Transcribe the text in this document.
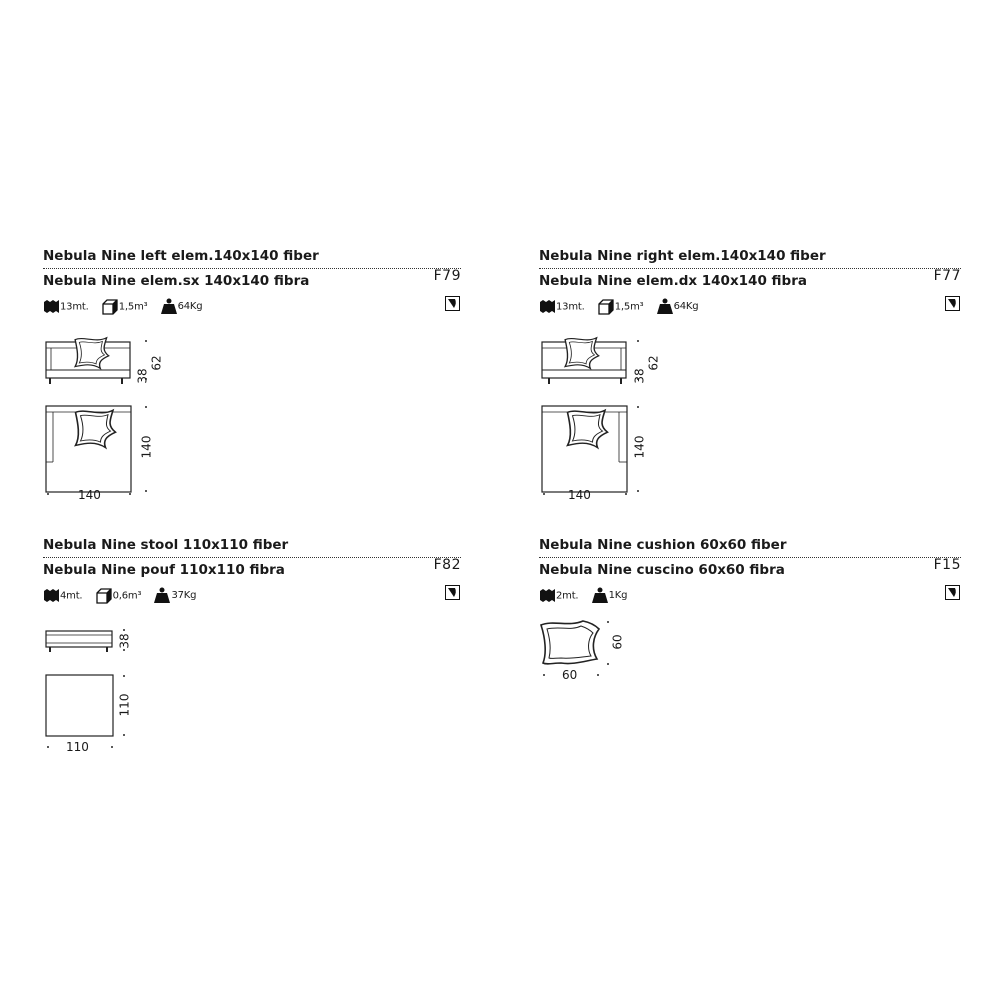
Nebula Nine left elem.140x140 fiber
Nebula Nine elem.sx 140x140 fibra	F79
13mt.	1,5m³	64Kg
38
62
140
140
Nebula Nine right elem.140x140 fiber
Nebula Nine elem.dx 140x140 fibra	F77
13mt.	1,5m³	64Kg
38
62
140
140
Nebula Nine stool 110x110 fiber
Nebula Nine pouf 110x110 fibra	F82
4mt.	0,6m³	37Kg
38
110
110
Nebula Nine cushion 60x60 fiber
Nebula Nine cuscino 60x60 fibra	F15
2mt.	1Kg
60
60
